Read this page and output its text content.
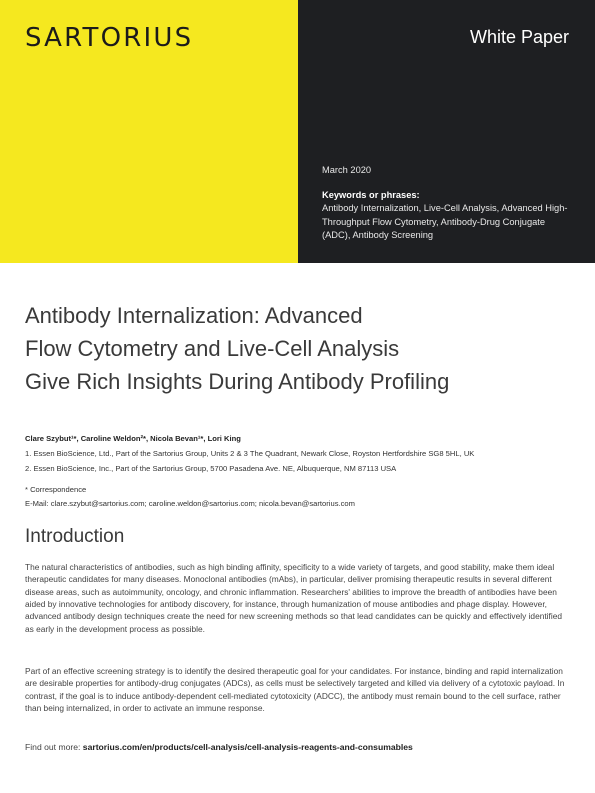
SARTORIUS	White Paper
March 2020
Keywords or phrases:
Antibody Internalization, Live-Cell Analysis, Advanced High-Throughput Flow Cytometry, Antibody-Drug Conjugate (ADC), Antibody Screening
Antibody Internalization: Advanced
Flow Cytometry and Live-Cell Analysis
Give Rich Insights During Antibody Profiling
Clare Szybut¹*, Caroline Weldon²*, Nicola Bevan¹*, Lori King
1. Essen BioScience, Ltd., Part of the Sartorius Group, Units 2 & 3 The Quadrant, Newark Close, Royston Hertfordshire SG8 5HL, UK
2. Essen BioScience, Inc., Part of the Sartorius Group, 5700 Pasadena Ave. NE, Albuquerque, NM 87113 USA
* Correspondence
E-Mail: clare.szybut@sartorius.com; caroline.weldon@sartorius.com; nicola.bevan@sartorius.com
Introduction
The natural characteristics of antibodies, such as high binding affinity, specificity to a wide variety of targets, and good stability, make them ideal therapeutic candidates for many diseases. Monoclonal antibodies (mAbs), in particular, deliver promising therapeutic results in several different disease areas, such as autoimmunity, oncology, and chronic inflammation. Researchers' abilities to improve the breadth of antibodies have been aided by innovative technologies for antibody discovery, for instance, through humanization of mouse antibodies and phage display. However, advanced antibody design techniques create the need for new screening methods so that lead candidates can be quickly and effectively identified as early in the development process as possible.
Part of an effective screening strategy is to identify the desired therapeutic goal for your candidates. For instance, binding and rapid internalization are desirable properties for antibody-drug conjugates (ADCs), as cells must be selectively targeted and killed via delivery of a cytotoxic payload. In contrast, if the goal is to induce antibody-dependent cell-mediated cytotoxicity (ADCC), the antibody must remain bound to the cell surface, rather than being internalized, in order to activate an immune response.
Find out more: sartorius.com/en/products/cell-analysis/cell-analysis-reagents-and-consumables
